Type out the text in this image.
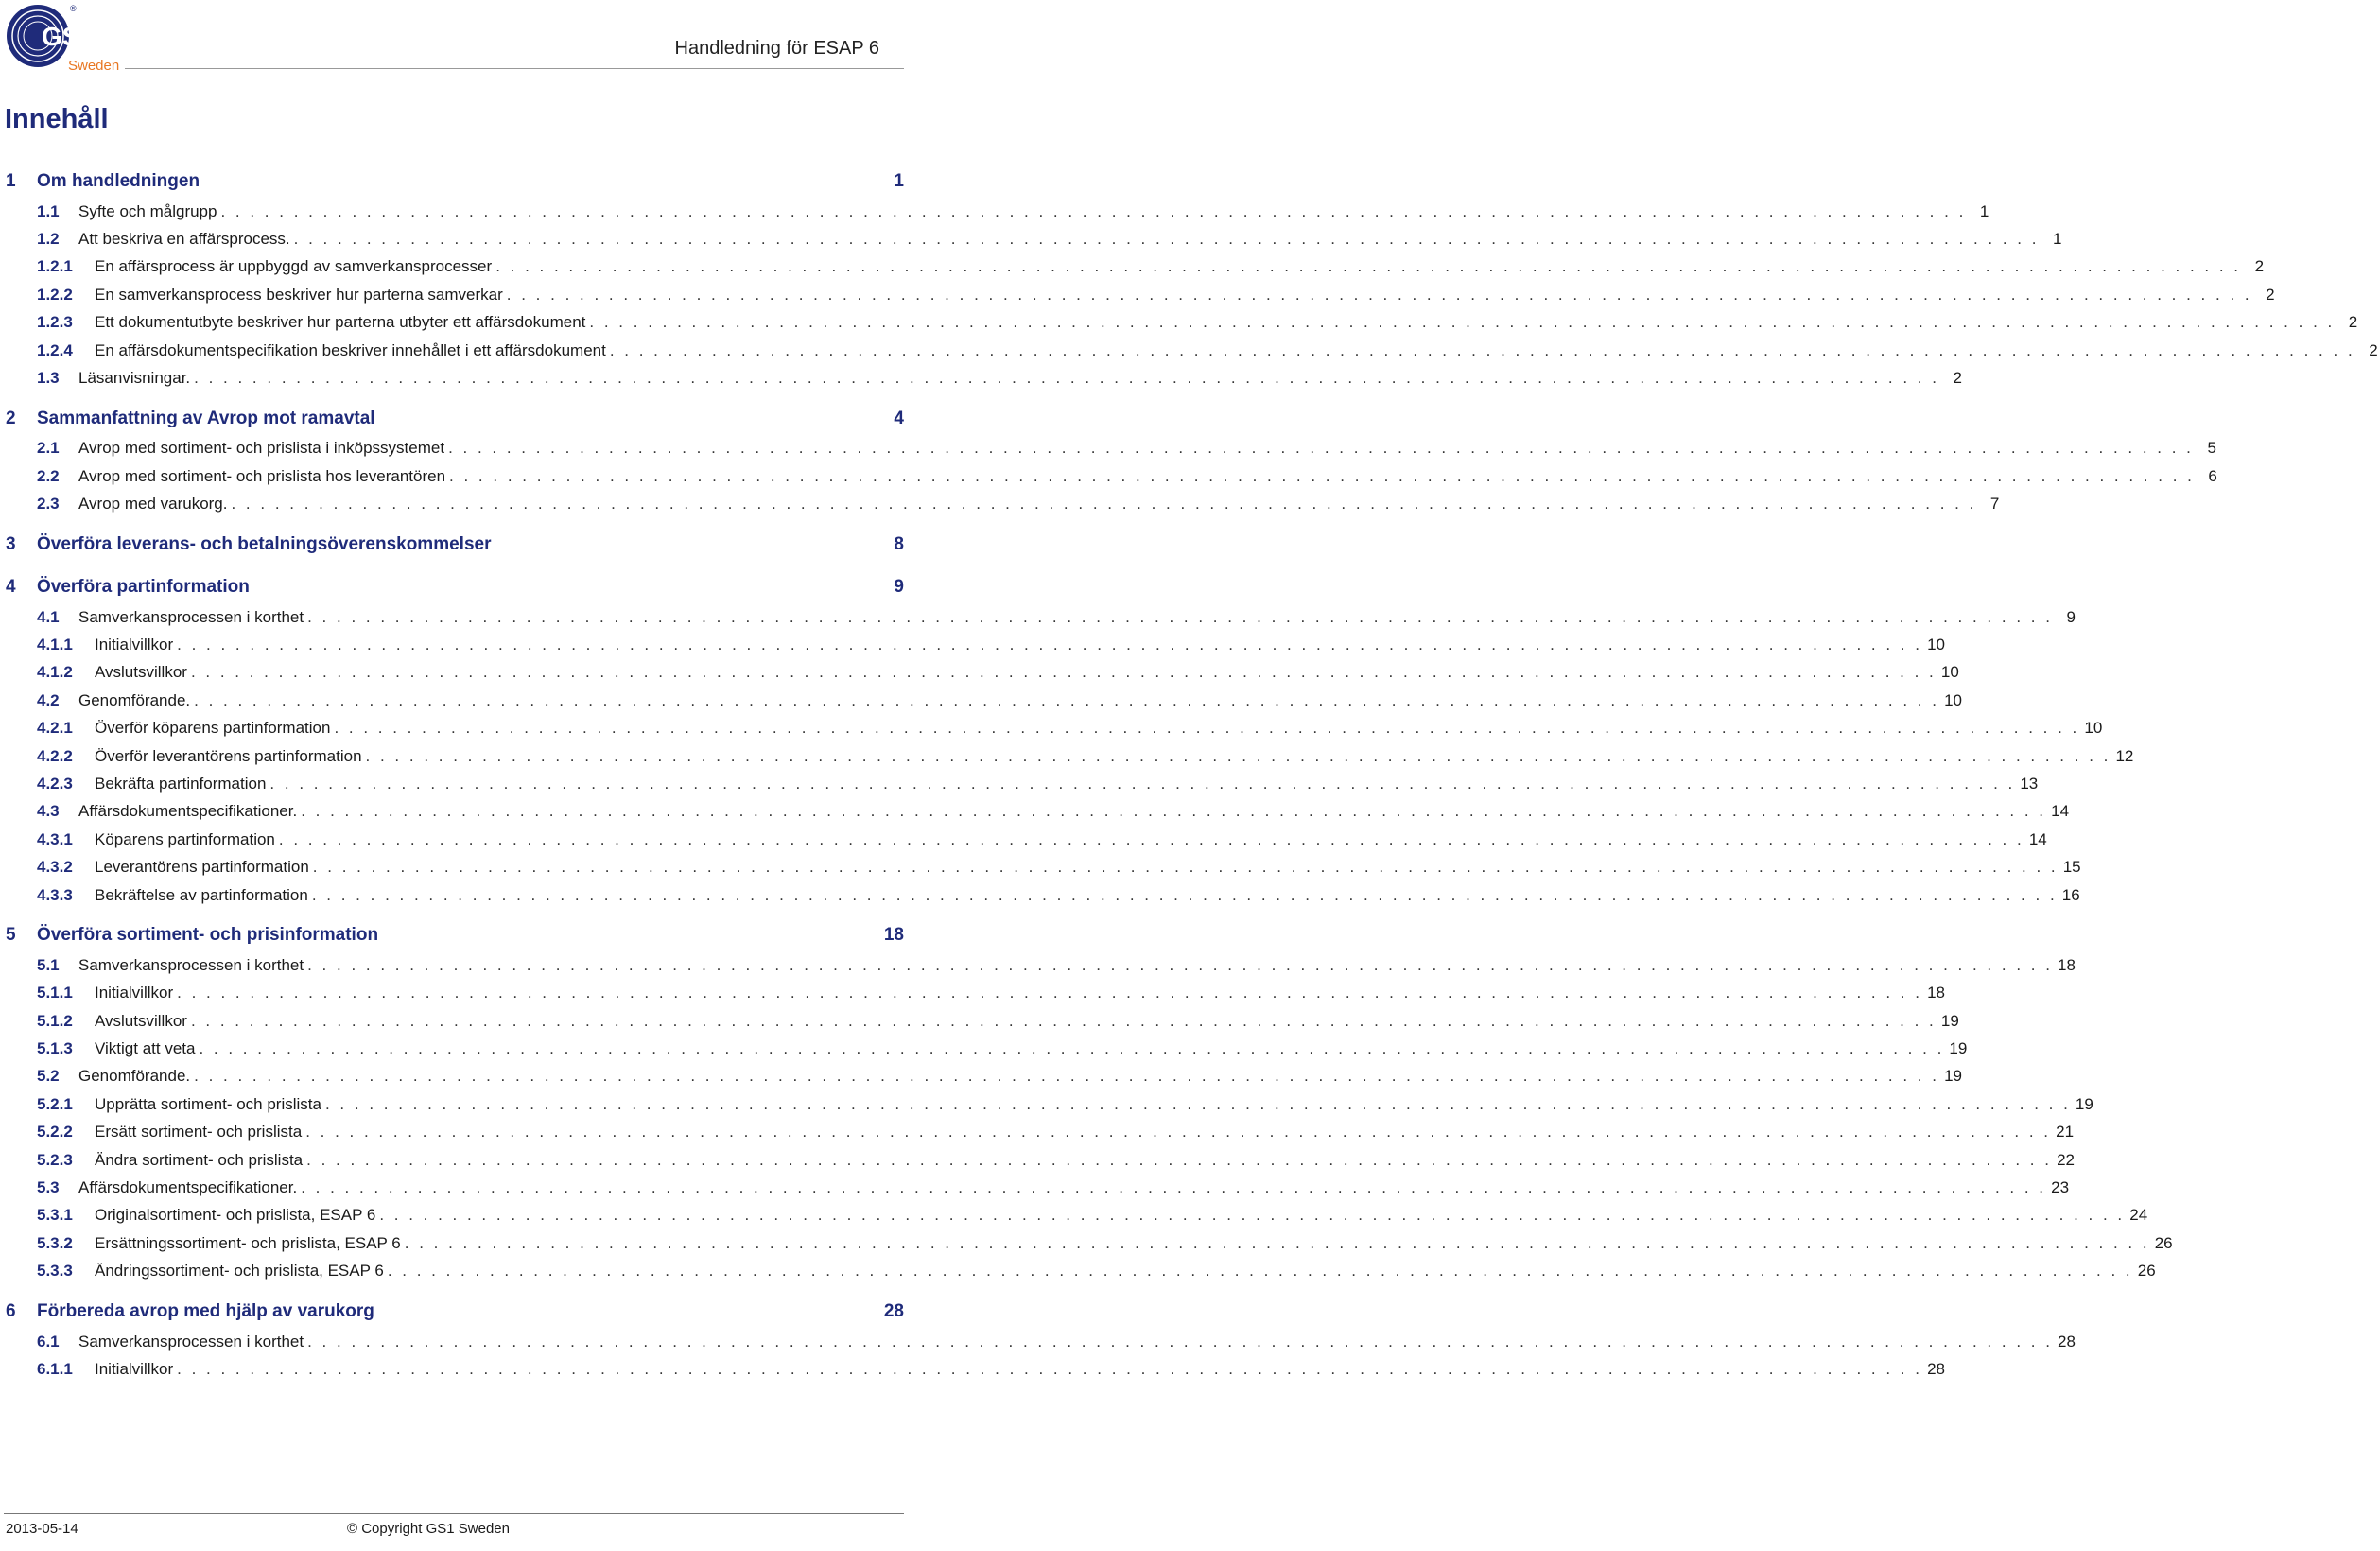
GS1
®
Sweden
Handledning för ESAP 6
Innehåll
1	Om handledningen	1
1.1	Syfte och målgrupp . . . . . . . . . . . . . . . . . . . . . . . . . . . . . . . . . . . . . . . . . . . . . . . . . . . . . . . . . . . . . . . . . . . . . . . . . . . . . . . . . . . . . . . . . . . . . . . . . . . . . . . . . . . . . . . . . . . . . . . . 1
1.2	Att beskriva en affärsprocess. . . . . . . . . . . . . . . . . . . . . . . . . . . . . . . . . . . . . . . . . . . . . . . . . . . . . . . . . . . . . . . . . . . . . . . . . . . . . . . . . . . . . . . . . . . . . . . . . . . . . . . . . . . . . . . . . . . . . . . . . 1
1.2.1	En affärsprocess är uppbyggd av samverkansprocesser . . . . . . . . . . . . . . . . . . . . . . . . . . . . . . . . . . . . . . . . . . . . . . . . . . . . . . . . . . . . . . . . . . . . . . . . . . . . . . . . . . . . . . . . . . . . . . . . . . . . . . . . . . . . . . . . . . . . . . . . 2
1.2.2	En samverkansprocess beskriver hur parterna samverkar . . . . . . . . . . . . . . . . . . . . . . . . . . . . . . . . . . . . . . . . . . . . . . . . . . . . . . . . . . . . . . . . . . . . . . . . . . . . . . . . . . . . . . . . . . . . . . . . . . . . . . . . . . . . . . . . . . . . . . . . 2
1.2.3	Ett dokumentutbyte beskriver hur parterna utbyter ett affärsdokument . . . . . . . . . . . . . . . . . . . . . . . . . . . . . . . . . . . . . . . . . . . . . . . . . . . . . . . . . . . . . . . . . . . . . . . . . . . . . . . . . . . . . . . . . . . . . . . . . . . . . . . . . . . . . . . . . . . . . . . . 2
1.2.4	En affärsdokumentspecifikation beskriver innehållet i ett affärsdokument . . . . . . . . . . . . . . . . . . . . . . . . . . . . . . . . . . . . . . . . . . . . . . . . . . . . . . . . . . . . . . . . . . . . . . . . . . . . . . . . . . . . . . . . . . . . . . . . . . . . . . . . . . . . . . . . . . . . . . . . 2
1.3	Läsanvisningar. . . . . . . . . . . . . . . . . . . . . . . . . . . . . . . . . . . . . . . . . . . . . . . . . . . . . . . . . . . . . . . . . . . . . . . . . . . . . . . . . . . . . . . . . . . . . . . . . . . . . . . . . . . . . . . . . . . . . . . . . 2
2	Sammanfattning av Avrop mot ramavtal	4
2.1	Avrop med sortiment- och prislista i inköpssystemet . . . . . . . . . . . . . . . . . . . . . . . . . . . . . . . . . . . . . . . . . . . . . . . . . . . . . . . . . . . . . . . . . . . . . . . . . . . . . . . . . . . . . . . . . . . . . . . . . . . . . . . . . . . . . . . . . . . . . . . . 5
2.2	Avrop med sortiment- och prislista hos leverantören . . . . . . . . . . . . . . . . . . . . . . . . . . . . . . . . . . . . . . . . . . . . . . . . . . . . . . . . . . . . . . . . . . . . . . . . . . . . . . . . . . . . . . . . . . . . . . . . . . . . . . . . . . . . . . . . . . . . . . . . 6
2.3	Avrop med varukorg. . . . . . . . . . . . . . . . . . . . . . . . . . . . . . . . . . . . . . . . . . . . . . . . . . . . . . . . . . . . . . . . . . . . . . . . . . . . . . . . . . . . . . . . . . . . . . . . . . . . . . . . . . . . . . . . . . . . . . . . . 7
3	Överföra leverans- och betalningsöverenskommelser	8
4	Överföra partinformation	9
4.1	Samverkansprocessen i korthet . . . . . . . . . . . . . . . . . . . . . . . . . . . . . . . . . . . . . . . . . . . . . . . . . . . . . . . . . . . . . . . . . . . . . . . . . . . . . . . . . . . . . . . . . . . . . . . . . . . . . . . . . . . . . . . . . . . . . . . . 9
4.1.1	Initialvillkor . . . . . . . . . . . . . . . . . . . . . . . . . . . . . . . . . . . . . . . . . . . . . . . . . . . . . . . . . . . . . . . . . . . . . . . . . . . . . . . . . . . . . . . . . . . . . . . . . . . . . . . . . . . . . . . . . . . . . . . . 10
4.1.2	Avslutsvillkor . . . . . . . . . . . . . . . . . . . . . . . . . . . . . . . . . . . . . . . . . . . . . . . . . . . . . . . . . . . . . . . . . . . . . . . . . . . . . . . . . . . . . . . . . . . . . . . . . . . . . . . . . . . . . . . . . . . . . . . . 10
4.2	Genomförande. . . . . . . . . . . . . . . . . . . . . . . . . . . . . . . . . . . . . . . . . . . . . . . . . . . . . . . . . . . . . . . . . . . . . . . . . . . . . . . . . . . . . . . . . . . . . . . . . . . . . . . . . . . . . . . . . . . . . . . . . 10
4.2.1	Överför köparens partinformation . . . . . . . . . . . . . . . . . . . . . . . . . . . . . . . . . . . . . . . . . . . . . . . . . . . . . . . . . . . . . . . . . . . . . . . . . . . . . . . . . . . . . . . . . . . . . . . . . . . . . . . . . . . . . . . . . . . . . . . . 10
4.2.2	Överför leverantörens partinformation . . . . . . . . . . . . . . . . . . . . . . . . . . . . . . . . . . . . . . . . . . . . . . . . . . . . . . . . . . . . . . . . . . . . . . . . . . . . . . . . . . . . . . . . . . . . . . . . . . . . . . . . . . . . . . . . . . . . . . . . 12
4.2.3	Bekräfta partinformation . . . . . . . . . . . . . . . . . . . . . . . . . . . . . . . . . . . . . . . . . . . . . . . . . . . . . . . . . . . . . . . . . . . . . . . . . . . . . . . . . . . . . . . . . . . . . . . . . . . . . . . . . . . . . . . . . . . . . . . . 13
4.3	Affärsdokumentspecifikationer. . . . . . . . . . . . . . . . . . . . . . . . . . . . . . . . . . . . . . . . . . . . . . . . . . . . . . . . . . . . . . . . . . . . . . . . . . . . . . . . . . . . . . . . . . . . . . . . . . . . . . . . . . . . . . . . . . . . . . . . . 14
4.3.1	Köparens partinformation . . . . . . . . . . . . . . . . . . . . . . . . . . . . . . . . . . . . . . . . . . . . . . . . . . . . . . . . . . . . . . . . . . . . . . . . . . . . . . . . . . . . . . . . . . . . . . . . . . . . . . . . . . . . . . . . . . . . . . . . 14
4.3.2	Leverantörens partinformation . . . . . . . . . . . . . . . . . . . . . . . . . . . . . . . . . . . . . . . . . . . . . . . . . . . . . . . . . . . . . . . . . . . . . . . . . . . . . . . . . . . . . . . . . . . . . . . . . . . . . . . . . . . . . . . . . . . . . . . . 15
4.3.3	Bekräftelse av partinformation . . . . . . . . . . . . . . . . . . . . . . . . . . . . . . . . . . . . . . . . . . . . . . . . . . . . . . . . . . . . . . . . . . . . . . . . . . . . . . . . . . . . . . . . . . . . . . . . . . . . . . . . . . . . . . . . . . . . . . . . 16
5	Överföra sortiment- och prisinformation	18
5.1	Samverkansprocessen i korthet . . . . . . . . . . . . . . . . . . . . . . . . . . . . . . . . . . . . . . . . . . . . . . . . . . . . . . . . . . . . . . . . . . . . . . . . . . . . . . . . . . . . . . . . . . . . . . . . . . . . . . . . . . . . . . . . . . . . . . . . 18
5.1.1	Initialvillkor . . . . . . . . . . . . . . . . . . . . . . . . . . . . . . . . . . . . . . . . . . . . . . . . . . . . . . . . . . . . . . . . . . . . . . . . . . . . . . . . . . . . . . . . . . . . . . . . . . . . . . . . . . . . . . . . . . . . . . . . 18
5.1.2	Avslutsvillkor . . . . . . . . . . . . . . . . . . . . . . . . . . . . . . . . . . . . . . . . . . . . . . . . . . . . . . . . . . . . . . . . . . . . . . . . . . . . . . . . . . . . . . . . . . . . . . . . . . . . . . . . . . . . . . . . . . . . . . . . 19
5.1.3	Viktigt att veta . . . . . . . . . . . . . . . . . . . . . . . . . . . . . . . . . . . . . . . . . . . . . . . . . . . . . . . . . . . . . . . . . . . . . . . . . . . . . . . . . . . . . . . . . . . . . . . . . . . . . . . . . . . . . . . . . . . . . . . . 19
5.2	Genomförande. . . . . . . . . . . . . . . . . . . . . . . . . . . . . . . . . . . . . . . . . . . . . . . . . . . . . . . . . . . . . . . . . . . . . . . . . . . . . . . . . . . . . . . . . . . . . . . . . . . . . . . . . . . . . . . . . . . . . . . . . 19
5.2.1	Upprätta sortiment- och prislista . . . . . . . . . . . . . . . . . . . . . . . . . . . . . . . . . . . . . . . . . . . . . . . . . . . . . . . . . . . . . . . . . . . . . . . . . . . . . . . . . . . . . . . . . . . . . . . . . . . . . . . . . . . . . . . . . . . . . . . . 19
5.2.2	Ersätt sortiment- och prislista . . . . . . . . . . . . . . . . . . . . . . . . . . . . . . . . . . . . . . . . . . . . . . . . . . . . . . . . . . . . . . . . . . . . . . . . . . . . . . . . . . . . . . . . . . . . . . . . . . . . . . . . . . . . . . . . . . . . . . . . 21
5.2.3	Ändra sortiment- och prislista . . . . . . . . . . . . . . . . . . . . . . . . . . . . . . . . . . . . . . . . . . . . . . . . . . . . . . . . . . . . . . . . . . . . . . . . . . . . . . . . . . . . . . . . . . . . . . . . . . . . . . . . . . . . . . . . . . . . . . . . 22
5.3	Affärsdokumentspecifikationer. . . . . . . . . . . . . . . . . . . . . . . . . . . . . . . . . . . . . . . . . . . . . . . . . . . . . . . . . . . . . . . . . . . . . . . . . . . . . . . . . . . . . . . . . . . . . . . . . . . . . . . . . . . . . . . . . . . . . . . . . 23
5.3.1	Originalsortiment- och prislista, ESAP 6 . . . . . . . . . . . . . . . . . . . . . . . . . . . . . . . . . . . . . . . . . . . . . . . . . . . . . . . . . . . . . . . . . . . . . . . . . . . . . . . . . . . . . . . . . . . . . . . . . . . . . . . . . . . . . . . . . . . . . . . . 24
5.3.2	Ersättningssortiment- och prislista, ESAP 6 . . . . . . . . . . . . . . . . . . . . . . . . . . . . . . . . . . . . . . . . . . . . . . . . . . . . . . . . . . . . . . . . . . . . . . . . . . . . . . . . . . . . . . . . . . . . . . . . . . . . . . . . . . . . . . . . . . . . . . . . 26
5.3.3	Ändringssortiment- och prislista, ESAP 6 . . . . . . . . . . . . . . . . . . . . . . . . . . . . . . . . . . . . . . . . . . . . . . . . . . . . . . . . . . . . . . . . . . . . . . . . . . . . . . . . . . . . . . . . . . . . . . . . . . . . . . . . . . . . . . . . . . . . . . . . 26
6	Förbereda avrop med hjälp av varukorg	28
6.1	Samverkansprocessen i korthet . . . . . . . . . . . . . . . . . . . . . . . . . . . . . . . . . . . . . . . . . . . . . . . . . . . . . . . . . . . . . . . . . . . . . . . . . . . . . . . . . . . . . . . . . . . . . . . . . . . . . . . . . . . . . . . . . . . . . . . . 28
6.1.1	Initialvillkor . . . . . . . . . . . . . . . . . . . . . . . . . . . . . . . . . . . . . . . . . . . . . . . . . . . . . . . . . . . . . . . . . . . . . . . . . . . . . . . . . . . . . . . . . . . . . . . . . . . . . . . . . . . . . . . . . . . . . . . . 28
2013-05-14	© Copyright GS1 Sweden
